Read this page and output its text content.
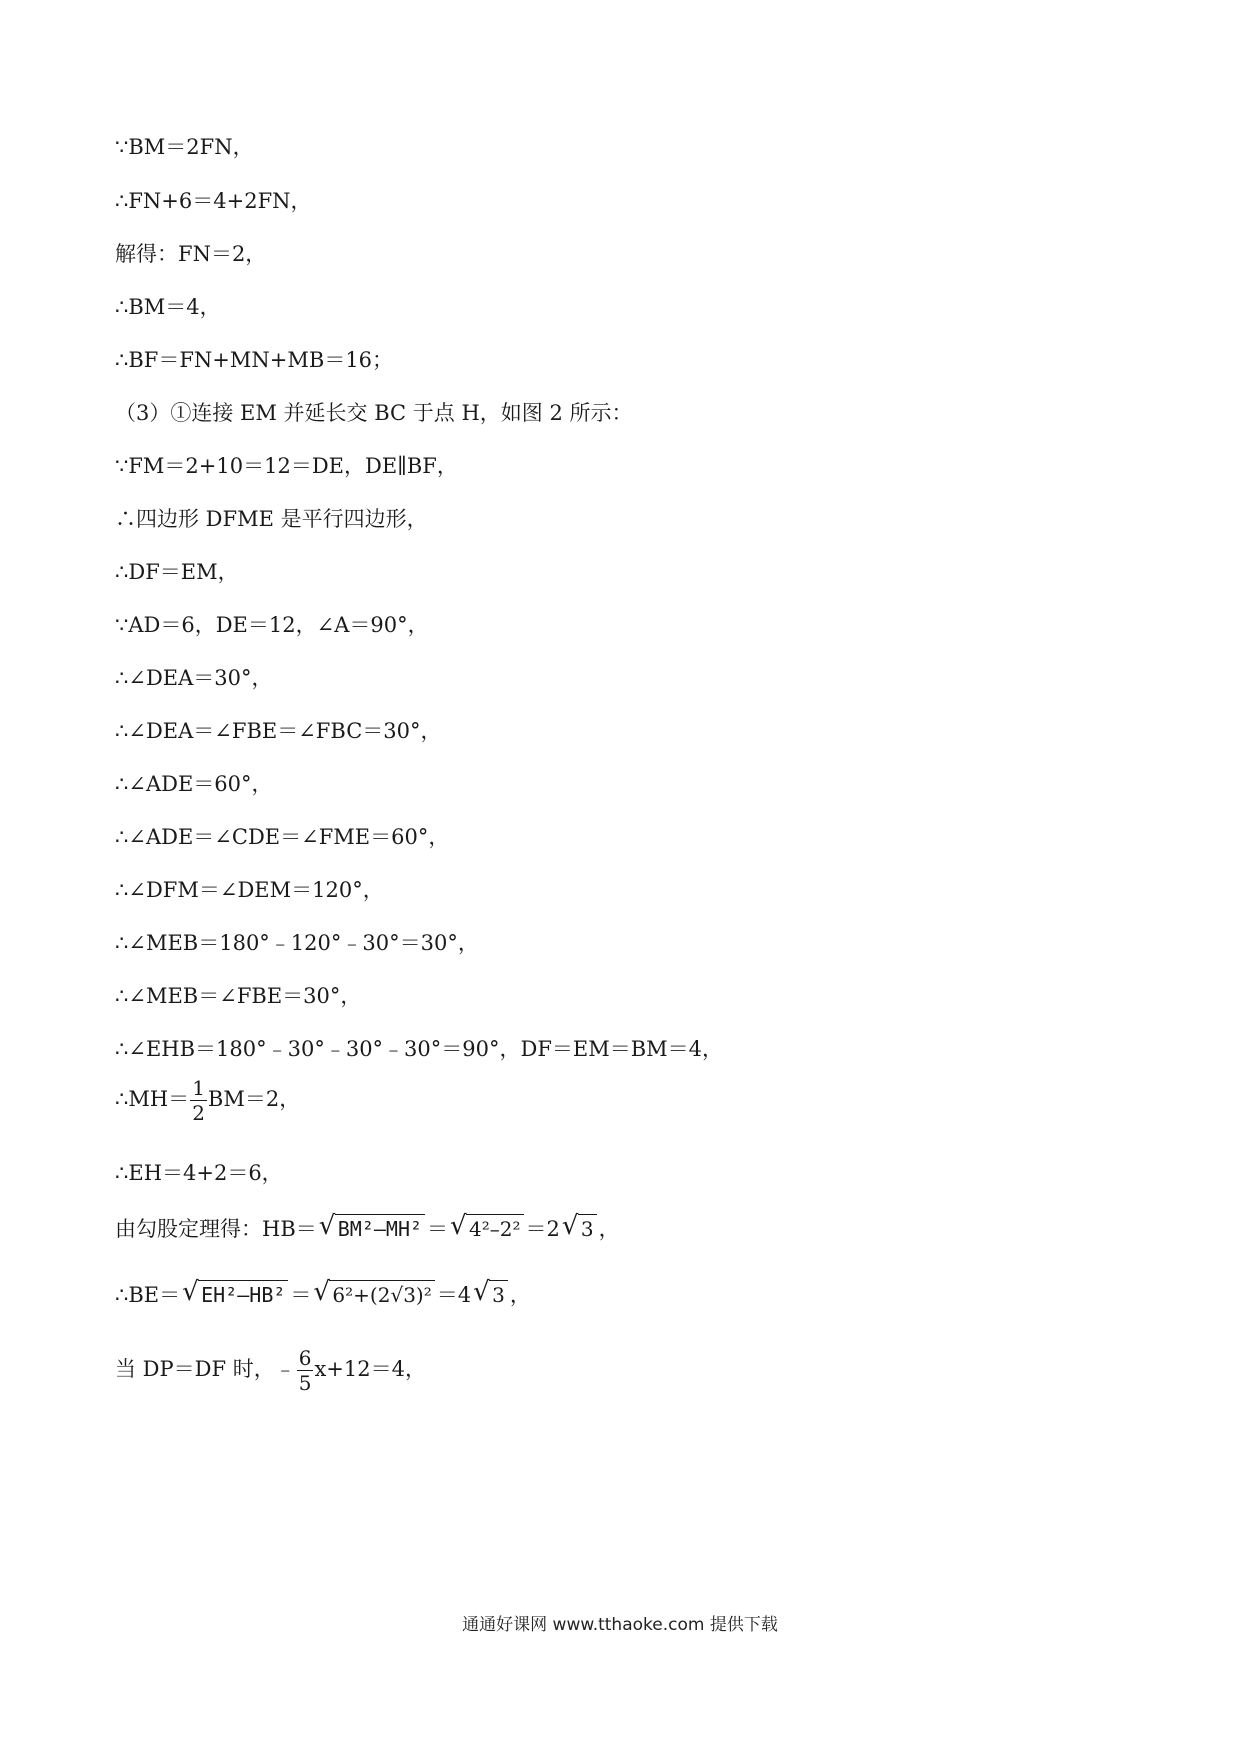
∵BM＝2FN，
∴FN+6＝4+2FN，
解得：FN＝2，
∴BM＝4，
∴BF＝FN+MN+MB＝16；
（3）①连接 EM 并延长交 BC 于点 H，如图 2 所示：
∵FM＝2+10＝12＝DE，DE∥BF，
∴四边形 DFME 是平行四边形，
∴DF＝EM，
∵AD＝6，DE＝12，∠A＝90°，
∴∠DEA＝30°，
∴∠DEA＝∠FBE＝∠FBC＝30°，
∴∠ADE＝60°，
∴∠ADE＝∠CDE＝∠FME＝60°，
∴∠DFM＝∠DEM＝120°，
∴∠MEB＝180°﹣120°﹣30°＝30°，
∴∠MEB＝∠FBE＝30°，
∴∠EHB＝180°﹣30°﹣30°﹣30°＝90°，DF＝EM＝BM＝4，
∴MH＝ $\frac{1}{2} BM=2$，
∴EH＝4+2＝6，
由勾股定理得：HB＝ √ BM²–MH² ＝ √ 4²–2² ＝2 √ 3 ，
∴BE＝ √ EH²–HB² ＝ √ 6²+(2√3)² ＝4 √ 3 ，
当 DP＝DF 时，﹣ $\frac{6}{5} x+12=4$，
通通好课网 www.tthaoke.com 提供下载
